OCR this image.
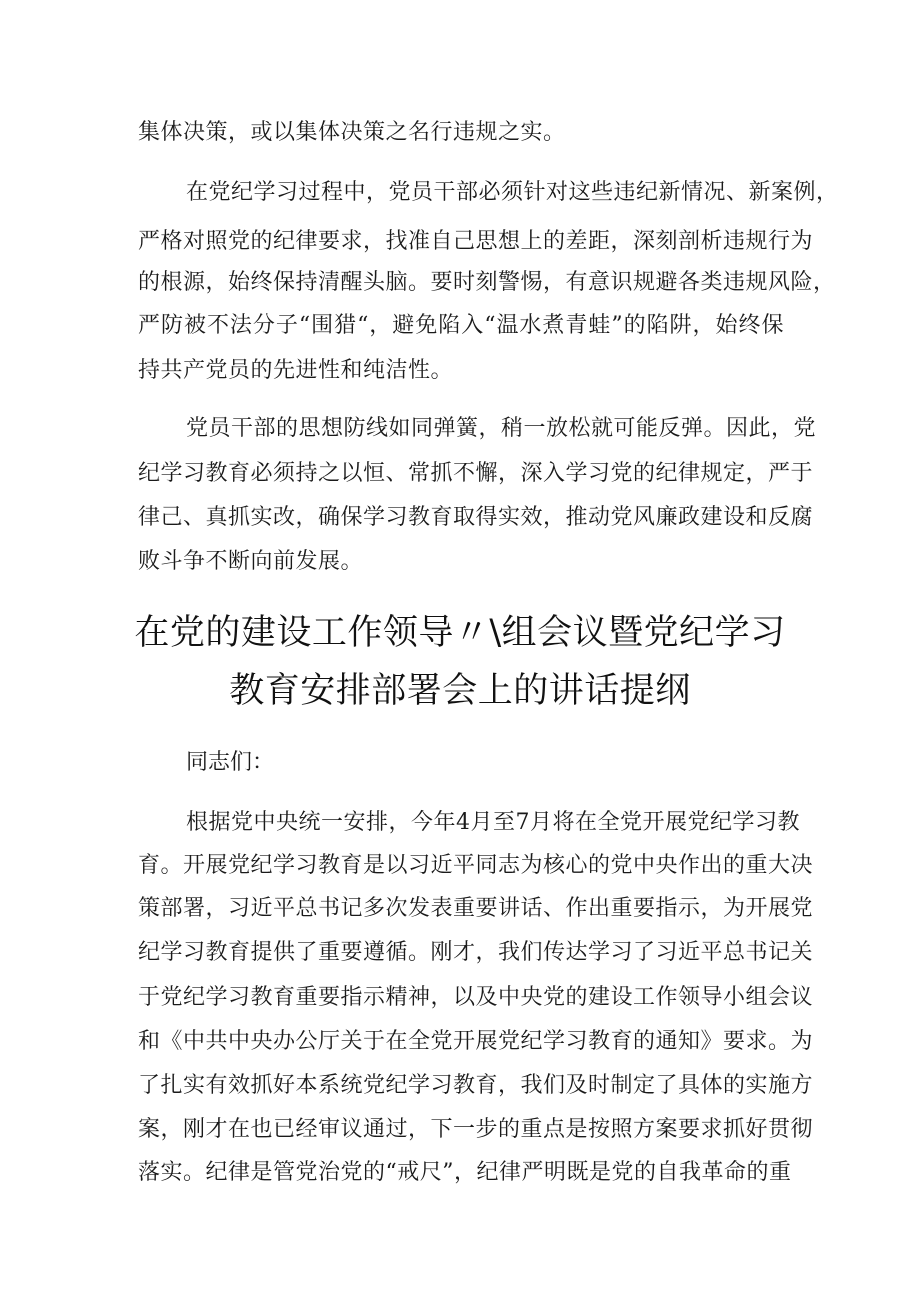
集体决策，或以集体决策之名行违规之实。
在党纪学习过程中，党员干部必须针对这些违纪新情况、新案例，
严格对照党的纪律要求，找准自己思想上的差距，深刻剖析违规行为
的根源，始终保持清醒头脑。要时刻警惕，有意识规避各类违规风险，
严防被不法分子“围猎“，避免陷入“温水煮青蛙”的陷阱，始终保
持共产党员的先进性和纯洁性。
党员干部的思想防线如同弹簧，稍一放松就可能反弹。因此，党
纪学习教育必须持之以恒、常抓不懈，深入学习党的纪律规定，严于
律己、真抓实改，确保学习教育取得实效，推动党风廉政建设和反腐
败斗争不断向前发展。
在党的建设工作领导〃\组会议暨党纪学习
教育安排部署会上的讲话提纲
同志们：
根据党中央统一安排，今年4月至7月将在全党开展党纪学习教
育。开展党纪学习教育是以习近平同志为核心的党中央作出的重大决
策部署，习近平总书记多次发表重要讲话、作出重要指示，为开展党
纪学习教育提供了重要遵循。刚才，我们传达学习了习近平总书记关
于党纪学习教育重要指示精神，以及中央党的建设工作领导小组会议
和《中共中央办公厅关于在全党开展党纪学习教育的通知》要求。为
了扎实有效抓好本系统党纪学习教育，我们及时制定了具体的实施方
案，刚才在也已经审议通过，下一步的重点是按照方案要求抓好贯彻
落实。纪律是管党治党的“戒尺”，纪律严明既是党的自我革命的重
